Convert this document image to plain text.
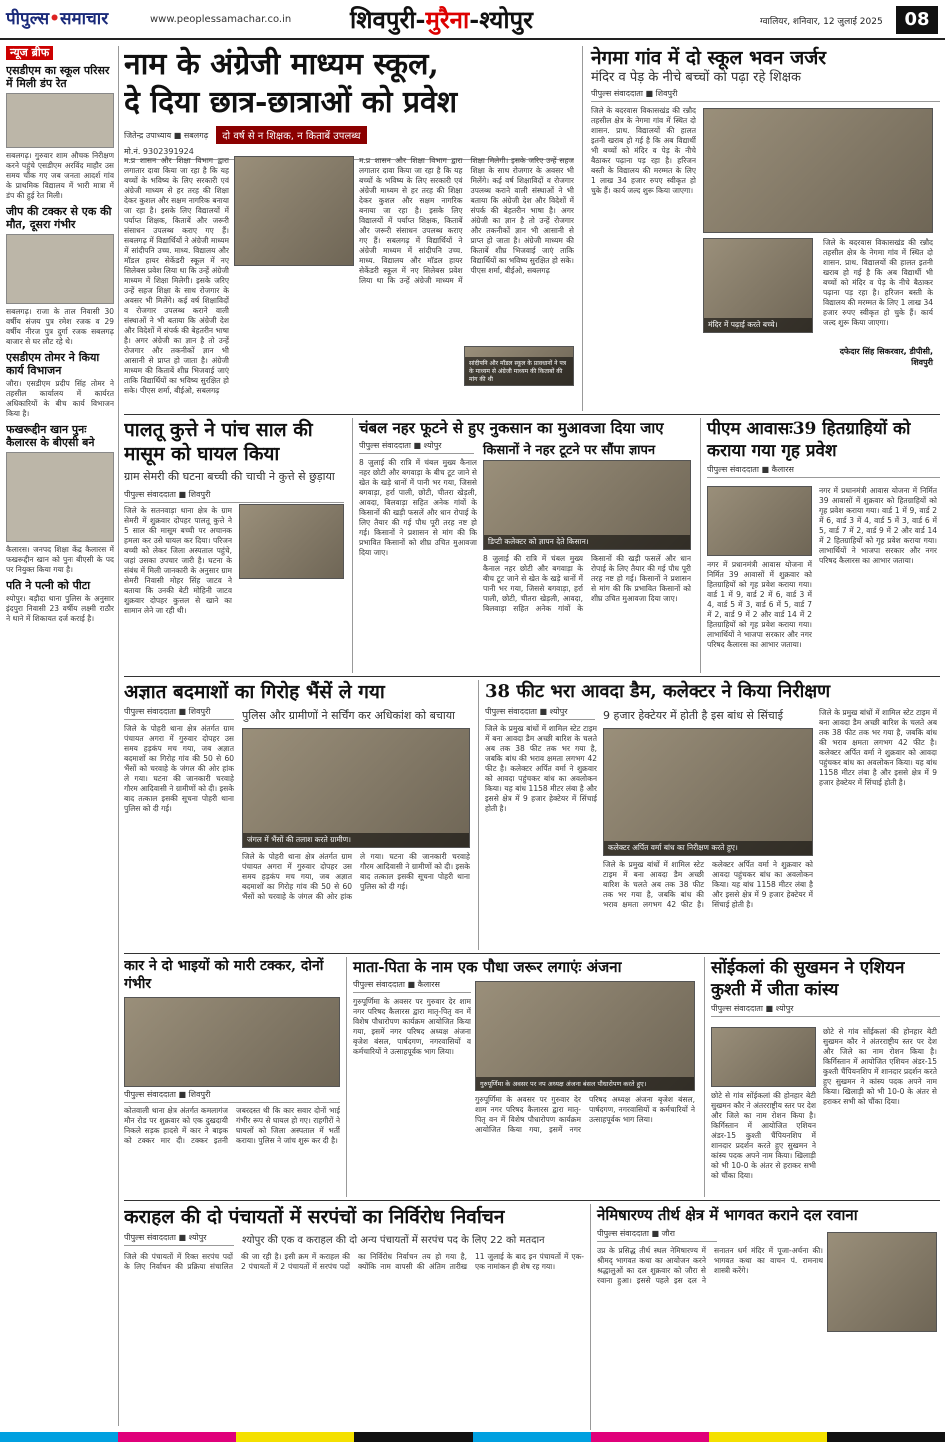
पीपुल्स•समाचार	www.peoplessamachar.co.in शिवपुरी-मुरैना-श्योपुर	ग्वालियर, शनिवार, 12 जुलाई 2025	08
न्यूज ब्रीफ
एसडीएम का स्कूल परिसर में मिली डंप रेत
सबलगढ़। गुरुवार शाम औचक निरीक्षण करने पहुंचे एसडीएम अरविंद माहौर उस समय चौंक गए जब जनता आदर्श गांव के प्राथमिक विद्यालय में भारी मात्रा में डंप की हुई रेत मिली।
जीप की टक्कर से एक की मौत, दूसरा गंभीर
सबलगढ़। राजा के ताल निवासी 30 वर्षीय संजय पुत्र रमेश रजक व 29 वर्षीय नीरज पुत्र दुर्गा रजक सबलगढ़ बाजार से घर लौट रहे थे।
एसडीएम तोमर ने किया कार्य विभाजन
जौरा। एसडीएम प्रदीप सिंह तोमर ने तहसील कार्यालय में कार्यरत अधिकारियों के बीच कार्य विभाजन किया है।
फखरूद्दीन खान पुनः कैलारस के बीएसी बने
कैलारस। जनपद शिक्षा केंद्र कैलारस में फखरूद्दीन खान को पुनः बीएसी के पद पर नियुक्त किया गया है।
पति ने पत्नी को पीटा
श्योपुर। बड़ौदा थाना पुलिस के अनुसार इंदपुरा निवासी 23 वर्षीय लक्ष्मी राठौर ने थाने में शिकायत दर्ज कराई है।
नाम के अंग्रेजी माध्यम स्कूल,
दे दिया छात्र-छात्राओं को प्रवेश
जितेन्द्र उपाध्याय ■ सबलगढ़	दो वर्ष से न शिक्षक, न किताबें उपलब्ध
मो.नं. 9302391924
म.प्र शासन और शिक्षा विभाग द्वारा लगातार दावा किया जा रहा है कि यह बच्चों के भविष्य के लिए सरकारी एवं अंग्रेजी माध्यम से हर तरह की शिक्षा देकर कुशल और सक्षम नागरिक बनाया जा रहा है। इसके लिए विद्यालयों में पर्याप्त शिक्षक, किताबें और जरूरी संसाधन उपलब्ध कराए गए हैं। सबलगढ़ में विद्यार्थियों ने अंग्रेजी माध्यम में सांदीपनि उच्च. माध्य. विद्यालय और मॉडल हायर सेकेंडरी स्कूल में नए सिलेबस प्रवेश लिया था कि उन्हें अंग्रेजी माध्यम में शिक्षा मिलेगी। इसके जरिए उन्हें सहज शिक्षा के साथ रोजगार के अवसर भी मिलेंगे। कई वर्ष शिक्षाविदों व रोजगार उपलब्ध कराने वाली संस्थाओं ने भी बताया कि अंग्रेजी देश और विदेशों में संपर्क की बेहतरीन भाषा है। अगर अंग्रेजी का ज्ञान है तो उन्हें रोजगार और तकनीकों ज्ञान भी आसानी से प्राप्त हो जाता है। अंग्रेजी माध्यम की किताबें शीघ्र भिजवाई जाएं ताकि विद्यार्थियों का भविष्य सुरक्षित हो सके। पीएस शर्मा, बीईओ, सबलगढ़
म.प्र शासन और शिक्षा विभाग द्वारा लगातार दावा किया जा रहा है कि यह बच्चों के भविष्य के लिए सरकारी एवं अंग्रेजी माध्यम से हर तरह की शिक्षा देकर कुशल और सक्षम नागरिक बनाया जा रहा है। इसके लिए विद्यालयों में पर्याप्त शिक्षक, किताबें और जरूरी संसाधन उपलब्ध कराए गए हैं। सबलगढ़ में विद्यार्थियों ने अंग्रेजी माध्यम में सांदीपनि उच्च. माध्य. विद्यालय और मॉडल हायर सेकेंडरी स्कूल में नए सिलेबस प्रवेश लिया था कि उन्हें अंग्रेजी माध्यम में शिक्षा मिलेगी। इसके जरिए उन्हें सहज शिक्षा के साथ रोजगार के अवसर भी मिलेंगे। कई वर्ष शिक्षाविदों व रोजगार उपलब्ध कराने वाली संस्थाओं ने भी बताया कि अंग्रेजी देश और विदेशों में संपर्क की बेहतरीन भाषा है। अगर अंग्रेजी का ज्ञान है तो उन्हें रोजगार और तकनीकों ज्ञान भी आसानी से प्राप्त हो जाता है। अंग्रेजी माध्यम की किताबें शीघ्र भिजवाई जाएं ताकि विद्यार्थियों का भविष्य सुरक्षित हो सके। पीएस शर्मा, बीईओ, सबलगढ़
सांदीपनि और मॉडल स्कूल के प्रावधानों ने पत्र के माध्यम से अंग्रेजी माध्यम की किताबों की मांग की थी
नेगमा गांव में दो स्कूल भवन जर्जर
मंदिर व पेड़ के नीचे बच्चों को पढ़ा रहे शिक्षक
पीपुल्स संवाददाता ■ शिवपुरी
जिले के बदरवास विकासखंड की रन्नौद तहसील क्षेत्र के नेगमा गांव में स्थित दो शासन. प्राथ. विद्यालयों की हालत इतनी खराब हो गई है कि अब विद्यार्थी भी बच्चों को मंदिर व पेड़ के नीचे बैठाकर पढ़ाना पड़ रहा है। हरिजन बस्ती के विद्यालय की मरम्मत के लिए 1 लाख 34 हजार रुपए स्वीकृत हो चुके हैं। कार्य जल्द शुरू किया जाएगा।
मंदिर में पढ़ाई करते बच्चे।
जिले के बदरवास विकासखंड की रन्नौद तहसील क्षेत्र के नेगमा गांव में स्थित दो शासन. प्राथ. विद्यालयों की हालत इतनी खराब हो गई है कि अब विद्यार्थी भी बच्चों को मंदिर व पेड़ के नीचे बैठाकर पढ़ाना पड़ रहा है। हरिजन बस्ती के विद्यालय की मरम्मत के लिए 1 लाख 34 हजार रुपए स्वीकृत हो चुके हैं। कार्य जल्द शुरू किया जाएगा।
दफेदार सिंह सिकरवार, डीपीसी, शिवपुरी
पालतू कुत्ते ने पांच साल की मासूम को घायल किया
ग्राम सेमरी की घटना बच्ची की चाची ने कुत्ते से छुड़ाया
पीपुल्स संवाददाता ■ शिवपुरी
जिले के सतनवाड़ा थाना क्षेत्र के ग्राम सेमरी में शुक्रवार दोपहर पालतू कुत्ते ने 5 साल की मासूम बच्ची पर अचानक हमला कर उसे घायल कर दिया। परिजन बच्ची को लेकर जिला अस्पताल पहुंचे, जहां उसका उपचार जारी है। घटना के संबंध में मिली जानकारी के अनुसार ग्राम सेमरी निवासी मोहर सिंह जाटव ने बताया कि उनकी बेटी मोहिनी जाटव शुक्रवार दोपहर कुत्तल से खाने का सामान लेने जा रही थी।
चंबल नहर फूटने से हुए नुकसान का मुआवजा दिया जाए
पीपुल्स संवाददाता ■ श्योपुर	किसानों ने नहर टूटने पर सौंपा ज्ञापन
डिप्टी कलेक्टर को ज्ञापन देते किसान।
8 जुलाई की रात्रि में चंबल मुख्य कैनाल नहर छोटी और बगवाड़ा के बीच टूट जाने से खेत के खड़े धानों में पानी भर गया, जिससे बगवाड़ा, हर्रा पाली, छोटी, चीतरा खेड़ली, आवदा, बिलवाड़ा सहित अनेक गांवों के किसानों की खड़ी फसलें और धान रोपाई के लिए तैयार की गई पौध पूरी तरह नष्ट हो गई। किसानों ने प्रशासन से मांग की कि प्रभावित किसानों को शीघ्र उचित मुआवजा दिया जाए।
8 जुलाई की रात्रि में चंबल मुख्य कैनाल नहर छोटी और बगवाड़ा के बीच टूट जाने से खेत के खड़े धानों में पानी भर गया, जिससे बगवाड़ा, हर्रा पाली, छोटी, चीतरा खेड़ली, आवदा, बिलवाड़ा सहित अनेक गांवों के किसानों की खड़ी फसलें और धान रोपाई के लिए तैयार की गई पौध पूरी तरह नष्ट हो गई। किसानों ने प्रशासन से मांग की कि प्रभावित किसानों को शीघ्र उचित मुआवजा दिया जाए।
पीएम आवासः39 हितग्राहियों को कराया गया गृह प्रवेश
पीपुल्स संवाददाता ■ कैलारस
नगर में प्रधानमंत्री आवास योजना में निर्मित 39 आवासों में शुक्रवार को हितग्राहियों को गृह प्रवेश कराया गया। वार्ड 1 में 9, वार्ड 2 में 6, वार्ड 3 में 4, वार्ड 5 में 3, वार्ड 6 में 5, वार्ड 7 में 2, वार्ड 9 में 2 और वार्ड 14 में 2 हितग्राहियों को गृह प्रवेश कराया गया। लाभार्थियों ने भाजपा सरकार और नगर परिषद कैलारस का आभार जताया।
नगर में प्रधानमंत्री आवास योजना में निर्मित 39 आवासों में शुक्रवार को हितग्राहियों को गृह प्रवेश कराया गया। वार्ड 1 में 9, वार्ड 2 में 6, वार्ड 3 में 4, वार्ड 5 में 3, वार्ड 6 में 5, वार्ड 7 में 2, वार्ड 9 में 2 और वार्ड 14 में 2 हितग्राहियों को गृह प्रवेश कराया गया। लाभार्थियों ने भाजपा सरकार और नगर परिषद कैलारस का आभार जताया।
अज्ञात बदमाशों का गिरोह भैंसें ले गया
पीपुल्स संवाददाता ■ शिवपुरी	पुलिस और ग्रामीणों ने सर्चिंग कर अधिकांश को बचाया
जंगल में भैंसों की तलाश करते ग्रामीण।
जिले के पोहरी थाना क्षेत्र अंतर्गत ग्राम पंचायत अगरा में गुरुवार दोपहर उस समय हड़कंप मच गया, जब अज्ञात बदमाशों का गिरोह गांव की 50 से 60 भैंसों को चरवाहे के जंगल की ओर हांक ले गया। घटना की जानकारी चरवाहे गौरम आदिवासी ने ग्रामीणों को दी। इसके बाद तत्काल इसकी सूचना पोहरी थाना पुलिस को दी गई।
जिले के पोहरी थाना क्षेत्र अंतर्गत ग्राम पंचायत अगरा में गुरुवार दोपहर उस समय हड़कंप मच गया, जब अज्ञात बदमाशों का गिरोह गांव की 50 से 60 भैंसों को चरवाहे के जंगल की ओर हांक ले गया। घटना की जानकारी चरवाहे गौरम आदिवासी ने ग्रामीणों को दी। इसके बाद तत्काल इसकी सूचना पोहरी थाना पुलिस को दी गई।
38 फीट भरा आवदा डैम, कलेक्टर ने किया निरीक्षण
पीपुल्स संवाददाता ■ श्योपुर	9 हजार हेक्टेयर में होती है इस बांध से सिंचाई
कलेक्टर अर्पित वर्मा बांध का निरीक्षण करते हुए।
जिले के प्रमुख बांधों में शामिल स्टेट टाइम में बना आवदा डैम अच्छी बारिश के चलते अब तक 38 फीट तक भर गया है, जबकि बांध की भराव क्षमता लगभग 42 फीट है। कलेक्टर अर्पित वर्मा ने शुक्रवार को आवदा पहुंचकर बांध का अवलोकन किया। यह बांध 1158 मीटर लंबा है और इससे क्षेत्र में 9 हजार हेक्टेयर में सिंचाई होती है।
जिले के प्रमुख बांधों में शामिल स्टेट टाइम में बना आवदा डैम अच्छी बारिश के चलते अब तक 38 फीट तक भर गया है, जबकि बांध की भराव क्षमता लगभग 42 फीट है। कलेक्टर अर्पित वर्मा ने शुक्रवार को आवदा पहुंचकर बांध का अवलोकन किया। यह बांध 1158 मीटर लंबा है और इससे क्षेत्र में 9 हजार हेक्टेयर में सिंचाई होती है।
जिले के प्रमुख बांधों में शामिल स्टेट टाइम में बना आवदा डैम अच्छी बारिश के चलते अब तक 38 फीट तक भर गया है, जबकि बांध की भराव क्षमता लगभग 42 फीट है। कलेक्टर अर्पित वर्मा ने शुक्रवार को आवदा पहुंचकर बांध का अवलोकन किया। यह बांध 1158 मीटर लंबा है और इससे क्षेत्र में 9 हजार हेक्टेयर में सिंचाई होती है।
कार ने दो भाइयों को मारी टक्कर, दोनों गंभीर
पीपुल्स संवाददाता ■ शिवपुरी
कोतवाली थाना क्षेत्र अंतर्गत कमलागंज मौन रोड पर शुक्रवार को एक दुखदायी निकले सड़क हादसे में कार ने बाइक को टक्कर मार दी। टक्कर इतनी जबरदस्त थी कि कार सवार दोनों भाई गंभीर रूप से घायल हो गए। राहगीरों ने घायलों को जिला अस्पताल में भर्ती कराया। पुलिस ने जांच शुरू कर दी है।
माता-पिता के नाम एक पौधा जरूर लगाएंः अंजना
पीपुल्स संवाददाता ■ कैलारस
गुरुपूर्णिमा के अवसर पर नप अध्यक्ष अंजना बंसल पौधारोपण करते हुए।
गुरुपूर्णिमा के अवसर पर गुरुवार देर शाम नगर परिषद कैलारस द्वारा मातृ-पितृ वन में विशेष पौधारोपण कार्यक्रम आयोजित किया गया, इसमें नगर परिषद अध्यक्ष अंजना बृजेश बंसल, पार्षदगण, नगरवासियों व कर्मचारियों ने उत्साहपूर्वक भाग लिया।
गुरुपूर्णिमा के अवसर पर गुरुवार देर शाम नगर परिषद कैलारस द्वारा मातृ-पितृ वन में विशेष पौधारोपण कार्यक्रम आयोजित किया गया, इसमें नगर परिषद अध्यक्ष अंजना बृजेश बंसल, पार्षदगण, नगरवासियों व कर्मचारियों ने उत्साहपूर्वक भाग लिया।
सोंईकलां की सुखमन ने एशियन कुश्ती में जीता कांस्य
पीपुल्स संवाददाता ■ श्योपुर
छोटे से गांव सोंईकलां की होनहार बेटी सुखमन कौर ने अंतरराष्ट्रीय स्तर पर देश और जिले का नाम रोशन किया है। किर्गिस्तान में आयोजित एशियन अंडर-15 कुश्ती चैंपियनशिप में शानदार प्रदर्शन करते हुए सुखमन ने कांस्य पदक अपने नाम किया। खिलाड़ी को भी 10-0 के अंतर से हराकर सभी को चौंका दिया।
छोटे से गांव सोंईकलां की होनहार बेटी सुखमन कौर ने अंतरराष्ट्रीय स्तर पर देश और जिले का नाम रोशन किया है। किर्गिस्तान में आयोजित एशियन अंडर-15 कुश्ती चैंपियनशिप में शानदार प्रदर्शन करते हुए सुखमन ने कांस्य पदक अपने नाम किया। खिलाड़ी को भी 10-0 के अंतर से हराकर सभी को चौंका दिया।
कराहल की दो पंचायतों में सरपंचों का निर्विरोध निर्वाचन
पीपुल्स संवाददाता ■ श्योपुर	श्योपुर की एक व कराहल की दो अन्य पंचायतों में सरपंच पद के लिए 22 को मतदान
जिले की पंचायतों में रिक्त सरपंच पदों के लिए निर्वाचन की प्रक्रिया संचालित की जा रही है। इसी क्रम में कराहल की 2 पंचायतों में 2 पंचायतों में सरपंच पदों का निर्विरोध निर्वाचन तय हो गया है, क्योंकि नाम वापसी की अंतिम तारीख 11 जुलाई के बाद इन पंचायतों में एक-एक नामांकन ही शेष रह गया।
नेमिषारण्य तीर्थ क्षेत्र में भागवत कराने दल रवाना
पीपुल्स संवाददाता ■ जौरा
उप्र के प्रसिद्ध तीर्थ स्थल नेमिषारण्य में श्रीमद् भागवत कथा का आयोजन करने श्रद्धालुओं का दल शुक्रवार को जौरा से रवाना हुआ। इससे पहले इस दल ने सनातन धर्म मंदिर में पूजा-अर्चना की। भागवत कथा का वाचन पं. रामनाथ शास्त्री करेंगे।
